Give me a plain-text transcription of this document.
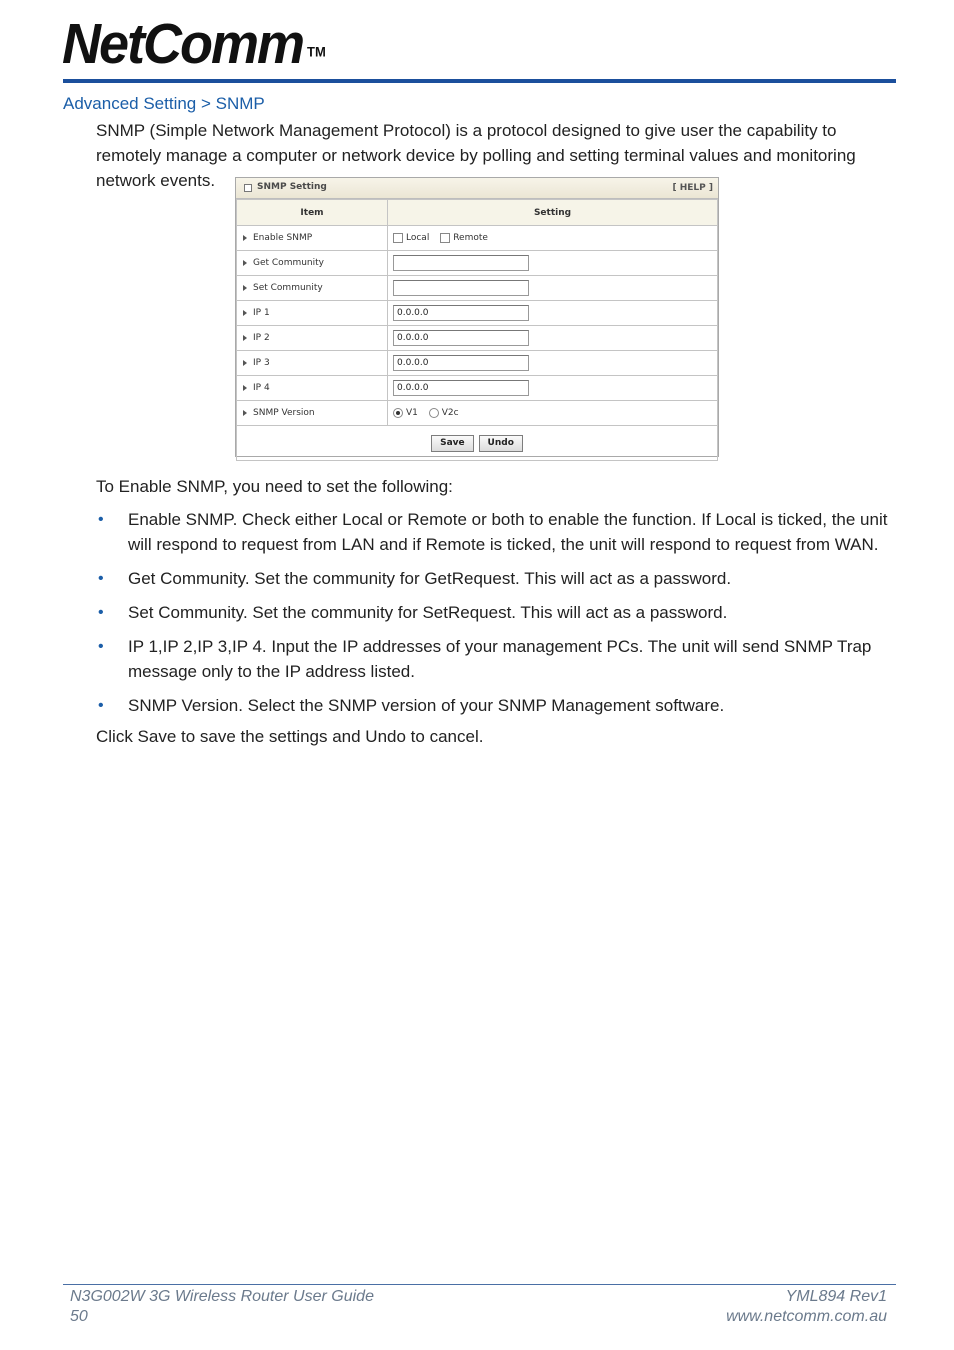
NetComm ™
Advanced Setting > SNMP
SNMP (Simple Network Management Protocol) is a protocol designed to give user the capability to remotely manage a computer or network device by polling and setting terminal values and monitoring network events.	SNMP Setting	[ HELP ]
Item	Setting
Enable SNMP	Local Remote
Get Community	
Set Community	
IP 1	0.0.0.0
IP 2	0.0.0.0
IP 3	0.0.0.0
IP 4	0.0.0.0
SNMP Version	V1 V2c
Save Undo	
To Enable SNMP, you need to set the following:
• Enable SNMP. Check either Local or Remote or both to enable the function. If Local is ticked, the unit will respond to request from LAN and if Remote is ticked, the unit will respond to request from WAN.
• Get Community. Set the community for GetRequest. This will act as a password.
• Set Community. Set the community for SetRequest. This will act as a password.
• IP 1,IP 2,IP 3,IP 4. Input the IP addresses of your management PCs. The unit will send SNMP Trap message only to the IP address listed.
• SNMP Version. Select the SNMP version of your SNMP Management software.
Click Save to save the settings and Undo to cancel.
N3G002W 3G Wireless Router User Guide
50
YML894 Rev1
www.netcomm.com.au
